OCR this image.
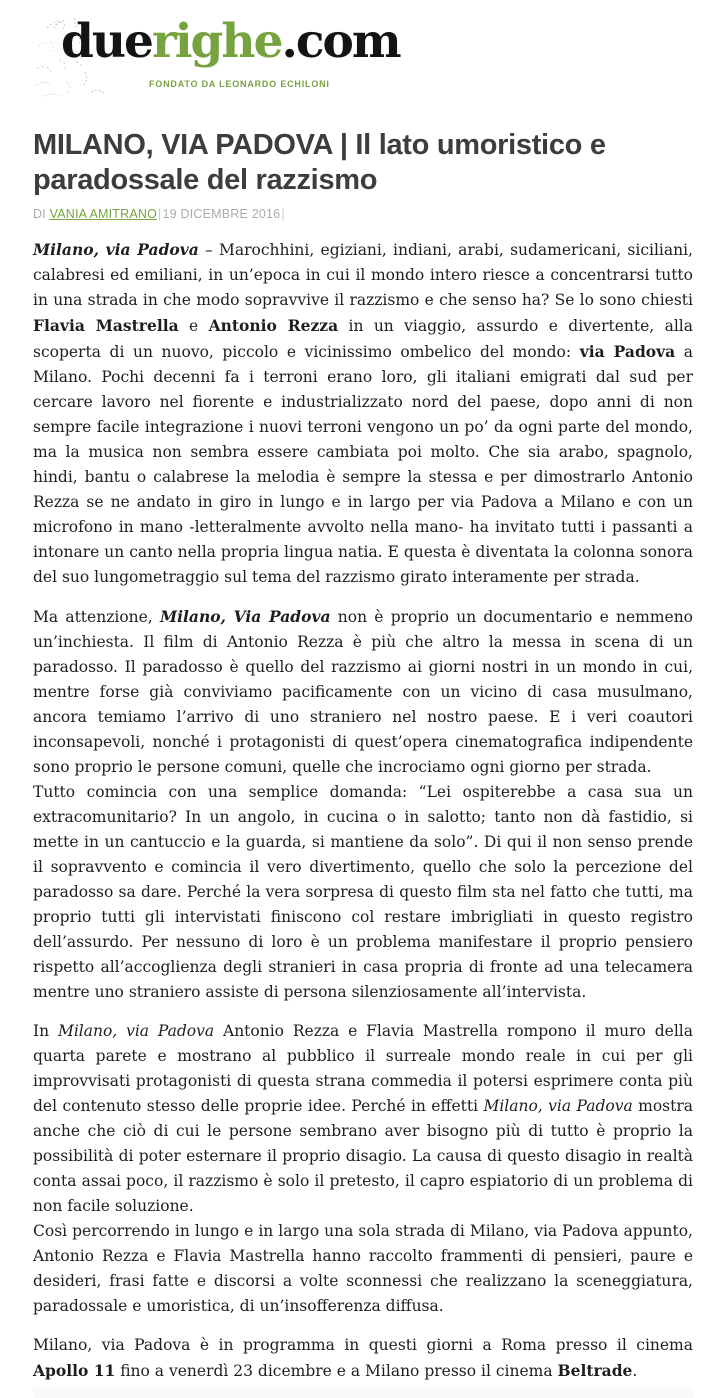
duerighe.com
FONDATO DA LEONARDO ECHILONI
MILANO, VIA PADOVA | Il lato umoristico e paradossale del razzismo
DI VANIA AMITRANO|19 DICEMBRE 2016|

Milano, via Padova – Marochhini, egiziani, indiani, arabi, sudamericani, siciliani, calabresi ed emiliani, in un’epoca in cui il mondo intero riesce a concentrarsi tutto in una strada in che modo sopravvive il razzismo e che senso ha? Se lo sono chiesti Flavia Mastrella e Antonio Rezza in un viaggio, assurdo e divertente, alla scoperta di un nuovo, piccolo e vicinissimo ombelico del mondo: via Padova a Milano. Pochi decenni fa i terroni erano loro, gli italiani emigrati dal sud per cercare lavoro nel fiorente e industrializzato nord del paese, dopo anni di non sempre facile integrazione i nuovi terroni vengono un po’ da ogni parte del mondo, ma la musica non sembra essere cambiata poi molto. Che sia arabo, spagnolo, hindi, bantu o calabrese la melodia è sempre la stessa e per dimostrarlo Antonio Rezza se ne andato in giro in lungo e in largo per via Padova a Milano e con un microfono in mano -letteralmente avvolto nella mano- ha invitato tutti i passanti a intonare un canto nella propria lingua natia. E questa è diventata la colonna sonora del suo lungometraggio sul tema del razzismo girato interamente per strada.

Ma attenzione, Milano, Via Padova non è proprio un documentario e nemmeno un’inchiesta. Il film di Antonio Rezza è più che altro la messa in scena di un paradosso. Il paradosso è quello del razzismo ai giorni nostri in un mondo in cui, mentre forse già conviviamo pacificamente con un vicino di casa musulmano, ancora temiamo l’arrivo di uno straniero nel nostro paese. E i veri coautori inconsapevoli, nonché i protagonisti di quest’opera cinematografica indipendente sono proprio le persone comuni, quelle che incrociamo ogni giorno per strada.

Tutto comincia con una semplice domanda: “Lei ospiterebbe a casa sua un extracomunitario? In un angolo, in cucina o in salotto; tanto non dà fastidio, si mette in un cantuccio e la guarda, si mantiene da solo”. Di qui il non senso prende il sopravvento e comincia il vero divertimento, quello che solo la percezione del paradosso sa dare. Perché la vera sorpresa di questo film sta nel fatto che tutti, ma proprio tutti gli intervistati finiscono col restare imbrigliati in questo registro dell’assurdo. Per nessuno di loro è un problema manifestare il proprio pensiero rispetto all’accoglienza degli stranieri in casa propria di fronte ad una telecamera mentre uno straniero assiste di persona silenziosamente all’intervista.

In Milano, via Padova Antonio Rezza e Flavia Mastrella rompono il muro della quarta parete e mostrano al pubblico il surreale mondo reale in cui per gli improvvisati protagonisti di questa strana commedia il potersi esprimere conta più del contenuto stesso delle proprie idee. Perché in effetti Milano, via Padova mostra anche che ciò di cui le persone sembrano aver bisogno più di tutto è proprio la possibilità di poter esternare il proprio disagio. La causa di questo disagio in realtà conta assai poco, il razzismo è solo il pretesto, il capro espiatorio di un problema di non facile soluzione.

Così percorrendo in lungo e in largo una sola strada di Milano, via Padova appunto, Antonio Rezza e Flavia Mastrella hanno raccolto frammenti di pensieri, paure e desideri, frasi fatte e discorsi a volte sconnessi che realizzano la sceneggiatura, paradossale e umoristica, di un’insofferenza diffusa.

Milano, via Padova è in programma in questi giorni a Roma presso il cinema Apollo 11 fino a venerdì 23 dicembre e a Milano presso il cinema Beltrade.
